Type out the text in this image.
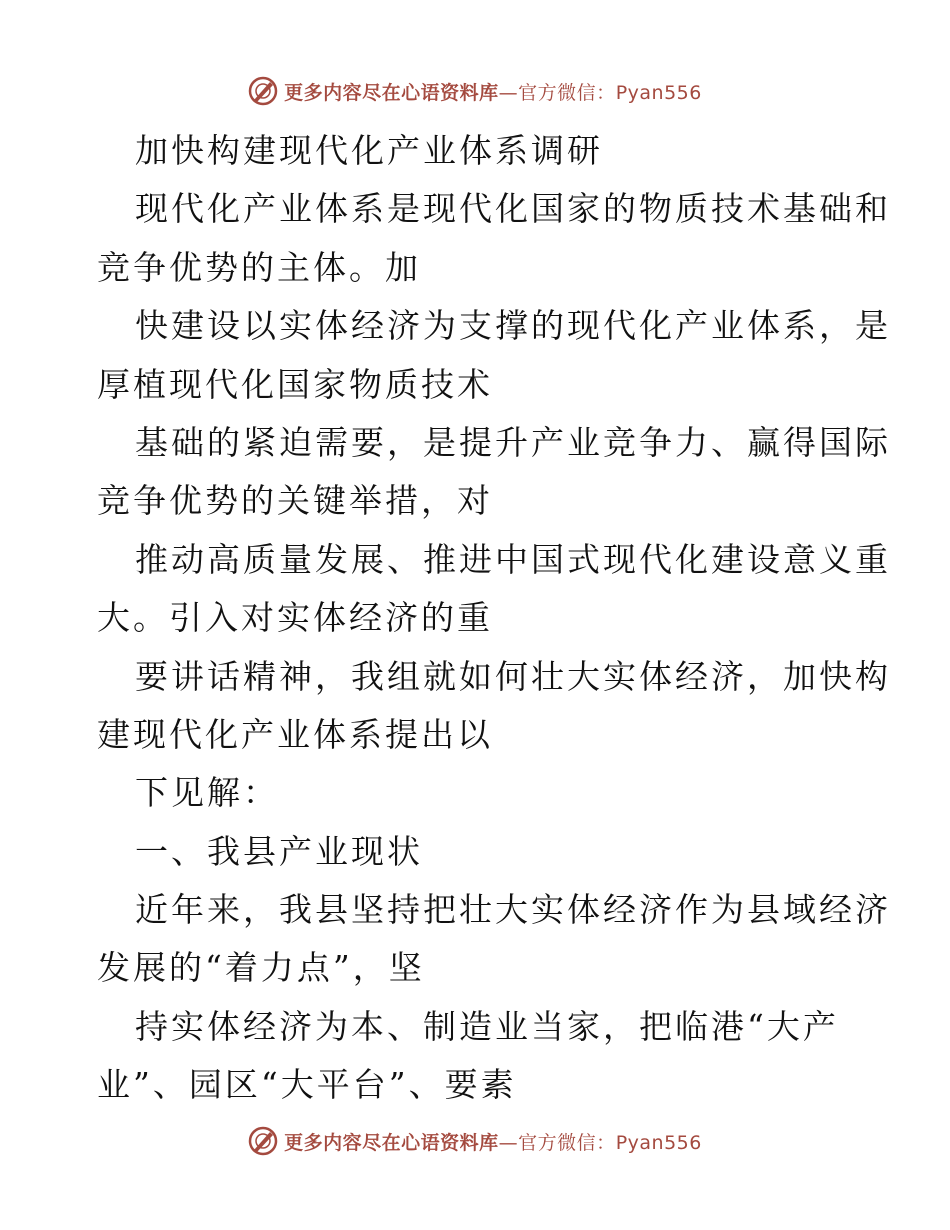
更多内容尽在心语资料库—官方微信：Pyan556
加快构建现代化产业体系调研
现代化产业体系是现代化国家的物质技术基础和
竞争优势的主体。加
快建设以实体经济为支撑的现代化产业体系，是
厚植现代化国家物质技术
基础的紧迫需要，是提升产业竞争力、赢得国际
竞争优势的关键举措，对
推动高质量发展、推进中国式现代化建设意义重
大。引入对实体经济的重
要讲话精神，我组就如何壮大实体经济，加快构
建现代化产业体系提出以
下见解：
一、我县产业现状
近年来，我县坚持把壮大实体经济作为县域经济
发展的“着力点”，坚
持实体经济为本、制造业当家，把临港“大产
业”、园区“大平台”、要素
更多内容尽在心语资料库—官方微信：Pyan556
